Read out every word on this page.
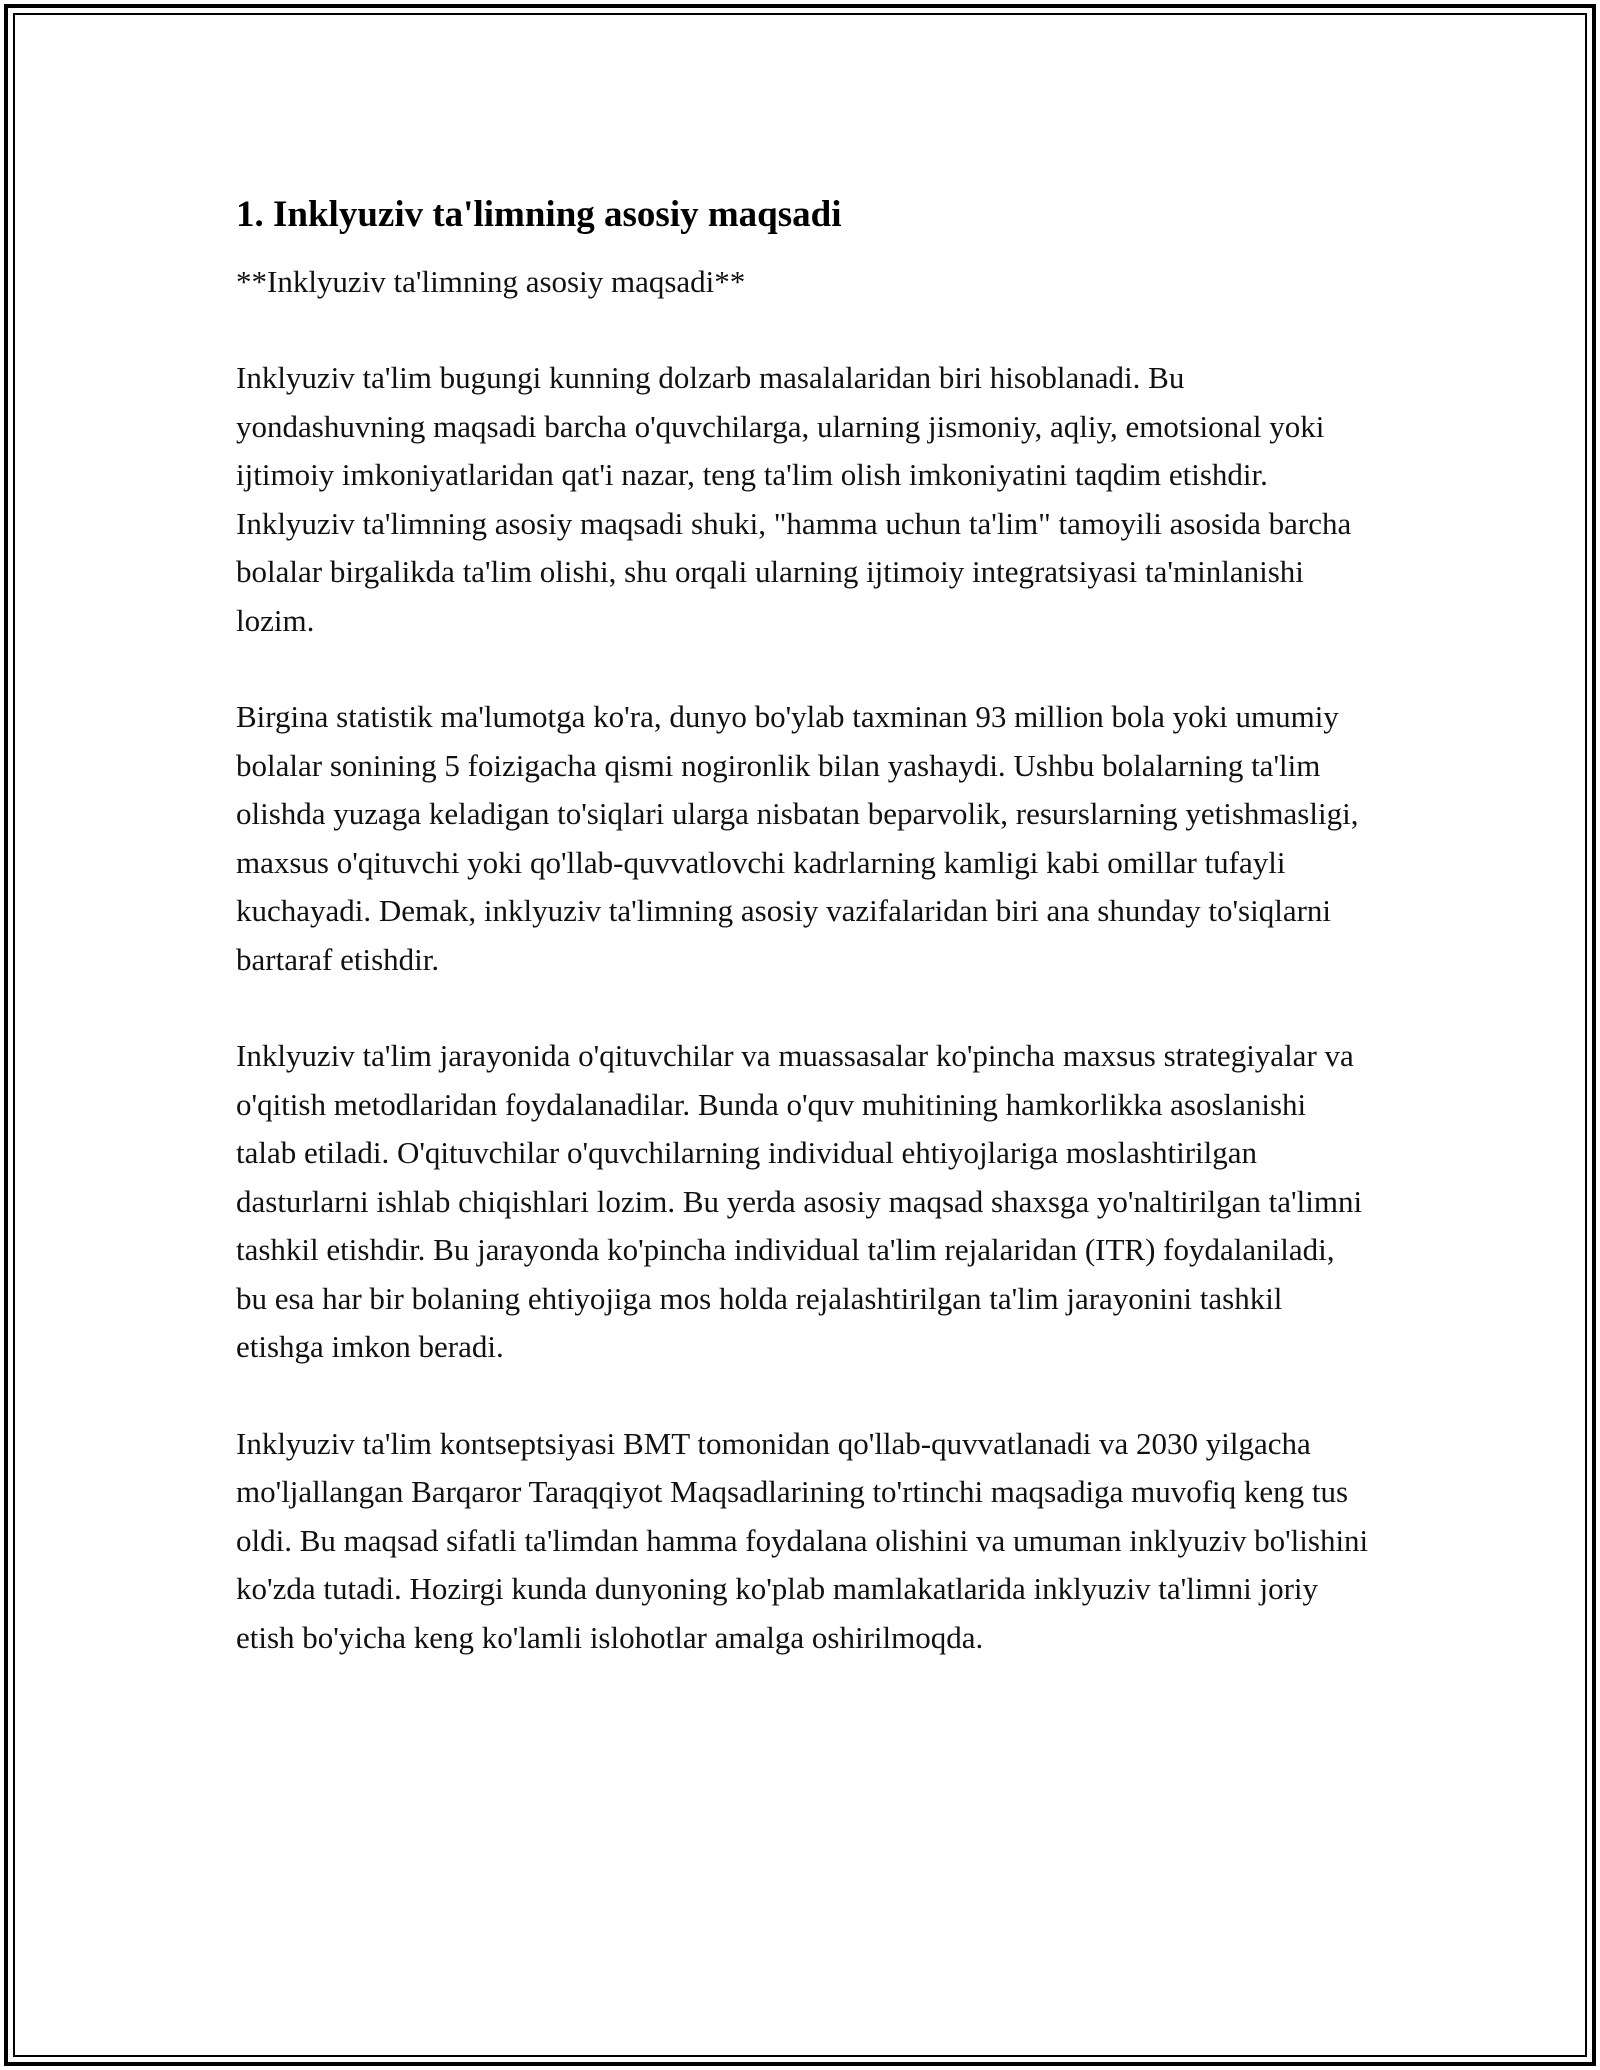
1. Inklyuziv ta'limning asosiy maqsadi

**Inklyuziv ta'limning asosiy maqsadi**

Inklyuziv ta'lim bugungi kunning dolzarb masalalaridan biri hisoblanadi. Bu yondashuvning maqsadi barcha o'quvchilarga, ularning jismoniy, aqliy, emotsional yoki ijtimoiy imkoniyatlaridan qat'i nazar, teng ta'lim olish imkoniyatini taqdim etishdir. Inklyuziv ta'limning asosiy maqsadi shuki, "hamma uchun ta'lim" tamoyili asosida barcha bolalar birgalikda ta'lim olishi, shu orqali ularning ijtimoiy integratsiyasi ta'minlanishi lozim.

Birgina statistik ma'lumotga ko'ra, dunyo bo'ylab taxminan 93 million bola yoki umumiy bolalar sonining 5 foizigacha qismi nogironlik bilan yashaydi. Ushbu bolalarning ta'lim olishda yuzaga keladigan to'siqlari ularga nisbatan beparvolik, resurslarning yetishmasligi, maxsus o'qituvchi yoki qo'llab-quvvatlovchi kadrlarning kamligi kabi omillar tufayli kuchayadi. Demak, inklyuziv ta'limning asosiy vazifalaridan biri ana shunday to'siqlarni bartaraf etishdir.

Inklyuziv ta'lim jarayonida o'qituvchilar va muassasalar ko'pincha maxsus strategiyalar va o'qitish metodlaridan foydalanadilar. Bunda o'quv muhitining hamkorlikka asoslanishi talab etiladi. O'qituvchilar o'quvchilarning individual ehtiyojlariga moslashtirilgan dasturlarni ishlab chiqishlari lozim. Bu yerda asosiy maqsad shaxsga yo'naltirilgan ta'limni tashkil etishdir. Bu jarayonda ko'pincha individual ta'lim rejalaridan (ITR) foydalaniladi, bu esa har bir bolaning ehtiyojiga mos holda rejalashtirilgan ta'lim jarayonini tashkil etishga imkon beradi.

Inklyuziv ta'lim kontseptsiyasi BMT tomonidan qo'llab-quvvatlanadi va 2030 yilgacha mo'ljallangan Barqaror Taraqqiyot Maqsadlarining to'rtinchi maqsadiga muvofiq keng tus oldi. Bu maqsad sifatli ta'limdan hamma foydalana olishini va umuman inklyuziv bo'lishini ko'zda tutadi. Hozirgi kunda dunyoning ko'plab mamlakatlarida inklyuziv ta'limni joriy etish bo'yicha keng ko'lamli islohotlar amalga oshirilmoqda.
